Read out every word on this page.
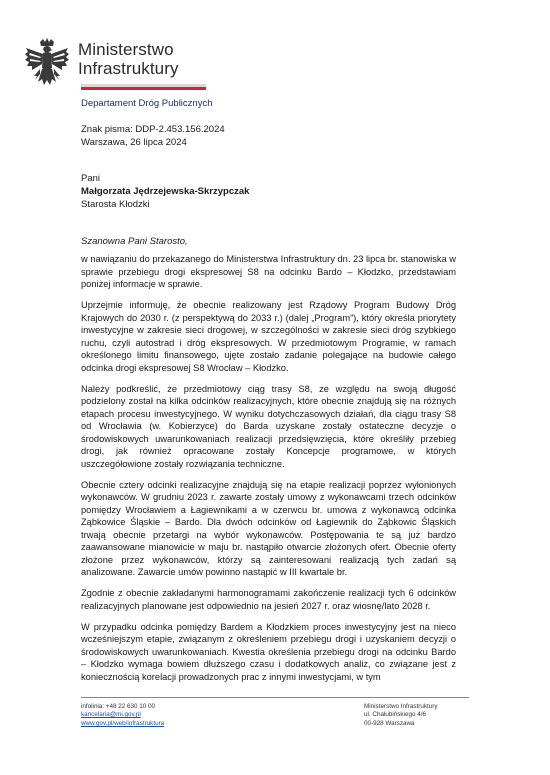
Ministerstwo
Infrastruktury
Departament Dróg Publicznych
Znak pisma: DDP-2.453.156.2024
Warszawa, 26 lipca 2024
Pani
Małgorzata Jędrzejewska-Skrzypczak
Starosta Kłodzki
Szanowna Pani Starosto,

w nawiązaniu do przekazanego do Ministerstwa Infrastruktury dn. 23 lipca br. stanowiska w sprawie przebiegu drogi ekspresowej S8 na odcinku Bardo – Kłodzko, przedstawiam poniżej informacje w sprawie.

Uprzejmie informuję, że obecnie realizowany jest Rządowy Program Budowy Dróg Krajowych do 2030 r. (z perspektywą do 2033 r.) (dalej „Program”), który określa priorytety inwestycyjne w zakresie sieci drogowej, w szczególności w zakresie sieci dróg szybkiego ruchu, czyli autostrad i dróg ekspresowych. W przedmiotowym Programie, w ramach określonego limitu finansowego, ujęte zostało zadanie polegające na budowie całego odcinka drogi ekspresowej S8 Wrocław – Kłodzko.

Należy podkreślić, że przedmiotowy ciąg trasy S8, ze względu na swoją długość podzielony został na kilka odcinków realizacyjnych, które obecnie znajdują się na różnych etapach procesu inwestycyjnego. W wyniku dotychczasowych działań, dla ciągu trasy S8 od Wrocławia (w. Kobierzyce) do Barda uzyskane zostały ostateczne decyzje o środowiskowych uwarunkowaniach realizacji przedsięwzięcia, które określiły przebieg drogi, jak również opracowane zostały Koncepcje programowe, w których uszczegółowione zostały rozwiązania techniczne.

Obecnie cztery odcinki realizacyjne znajdują się na etapie realizacji poprzez wyłonionych wykonawców. W grudniu 2023 r. zawarte zostały umowy z wykonawcami trzech odcinków pomiędzy Wrocławiem a Łagiewnikami a w czerwcu br. umowa z wykonawcą odcinka Ząbkowice Śląskie – Bardo. Dla dwóch odcinków od Łagiewnik do Ząbkowic Śląskich trwają obecnie przetargi na wybór wykonawców. Postępowania te są już bardzo zaawansowane mianowicie w maju br. nastąpiło otwarcie złożonych ofert. Obecnie oferty złożone przez wykonawców, którzy są zainteresowani realizacją tych zadań są analizowane. Zawarcie umów powinno nastąpić w III kwartale br.

Zgodnie z obecnie zakładanymi harmonogramami zakończenie realizacji tych 6 odcinków realizacyjnych planowane jest odpowiednio na jesień 2027 r. oraz wiosnę/lato 2028 r.

W przypadku odcinka pomiędzy Bardem a Kłodzkiem proces inwestycyjny jest na nieco wcześniejszym etapie, związanym z określeniem przebiegu drogi i uzyskaniem decyzji o środowiskowych uwarunkowaniach. Kwestia określenia przebiegu drogi na odcinku Bardo – Kłodzko wymaga bowiem dłuższego czasu i dodatkowych analiz, co związane jest z koniecznością korelacji prowadzonych prac z innymi inwestycjami, w tym

infolinia: +48 22 630 10 00
kancelaria@mi.gov.pl
www.gov.pl/web/infrastruktura
Ministerstwo Infrastruktury
ul. Chałubińskiego 4/6
00-928 Warszawa
